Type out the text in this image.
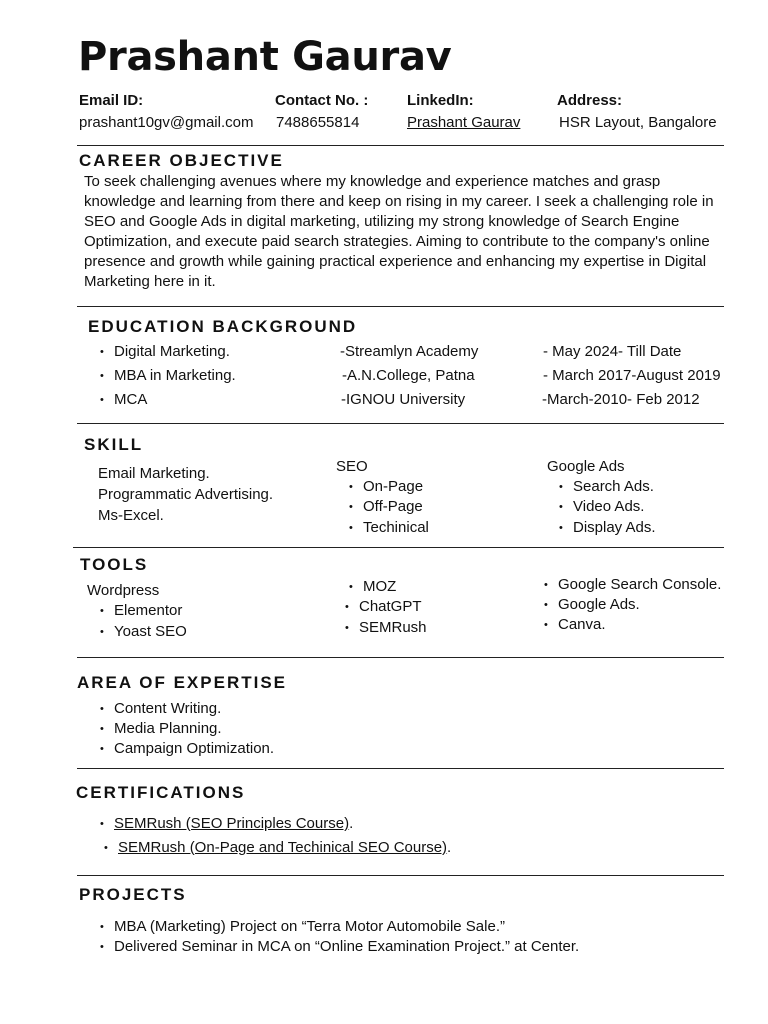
Prashant Gaurav
Email ID:
prashant10gv@gmail.com
Contact No. :
7488655814
LinkedIn:
Prashant Gaurav
Address:
HSR Layout, Bangalore
CAREER OBJECTIVE
To seek challenging avenues where my knowledge and experience matches and grasp knowledge and learning from there and keep on rising in my career. I seek a challenging role in SEO and Google Ads in digital marketing, utilizing my strong knowledge of Search Engine Optimization, and execute paid search strategies. Aiming to contribute to the company's online presence and growth while gaining practical experience and enhancing my expertise in Digital Marketing here in it.
EDUCATION BACKGROUND
• Digital Marketing.	-Streamlyn Academy	- May 2024- Till Date
• MBA in Marketing.	-A.N.College, Patna	- March 2017-August 2019
• MCA	-IGNOU University	-March-2010- Feb 2012
SKILL
Email Marketing.
Programmatic Advertising.
Ms-Excel.
SEO
• On-Page
• Off-Page
• Techinical
Google Ads
• Search Ads.
• Video Ads.
• Display Ads.
TOOLS
Wordpress
• Elementor
• Yoast SEO
• MOZ
• ChatGPT
• SEMRush
• Google Search Console.
• Google Ads.
• Canva.
AREA OF EXPERTISE
• Content Writing.
• Media Planning.
• Campaign Optimization.
CERTIFICATIONS
• SEMRush (SEO Principles Course).
• SEMRush (On-Page and Techinical SEO Course).
PROJECTS
• MBA (Marketing) Project on “Terra Motor Automobile Sale.”
• Delivered Seminar in MCA on “Online Examination Project.” at Center.
